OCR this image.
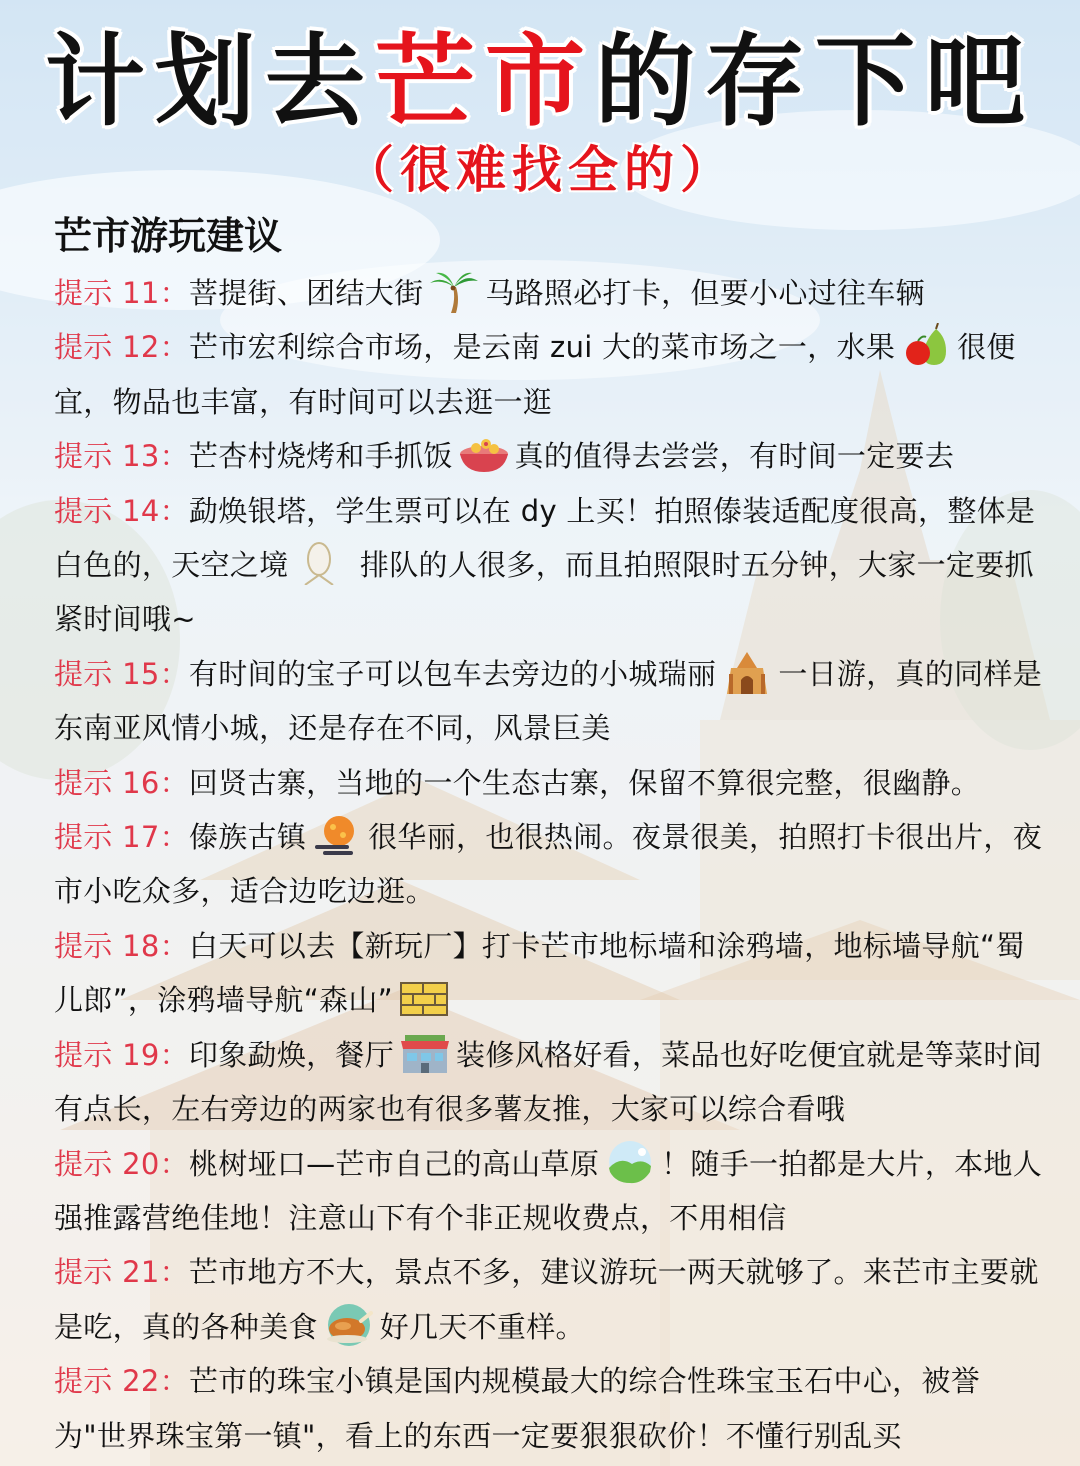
计划去芒市的存下吧
（很难找全的）
芒市游玩建议

提示 11：菩提街、团结大街 马路照必打卡，但要小心过往车辆

提示 12：芒市宏利综合市场，是云南 zui 大的菜市场之一，水果 很便宜，物品也丰富，有时间可以去逛一逛

提示 13：芒杏村烧烤和手抓饭 真的值得去尝尝，有时间一定要去

提示 14：勐焕银塔，学生票可以在 dy 上买！拍照傣装适配度很高，整体是白色的，天空之境
排队的人很多，而且拍照限时五分钟，大家一定要抓紧时间哦~

提示 15：有时间的宝子可以包车去旁边的小城瑞丽 一日游，真的同样是东南亚风情小城，还是存在不同，风景巨美

提示 16：回贤古寨，当地的一个生态古寨，保留不算很完整，很幽静。

提示 17：傣族古镇 很华丽，也很热闹。夜景很美，拍照打卡很出片，夜市小吃众多，适合边吃边逛。

提示 18：白天可以去【新玩厂】打卡芒市地标墙和涂鸦墙，地标墙导航“蜀儿郎”，涂鸦墙导航“森山”

提示 19：印象勐焕，餐厅 装修风格好看，菜品也好吃便宜就是等菜时间有点长，左右旁边的两家也有很多薯友推，大家可以综合看哦

提示 20：桃树垭口—芒市自己的高山草原 ！随手一拍都是大片，本地人强推露营绝佳地！注意山下有个非正规收费点，不用相信

提示 21：芒市地方不大，景点不多，建议游玩一两天就够了。来芒市主要就是吃，真的各种美食 好几天不重样。

提示 22：芒市的珠宝小镇是国内规模最大的综合性珠宝玉石中心，被誉为"世界珠宝第一镇"，看上的东西一定要狠狠砍价！不懂行别乱买
